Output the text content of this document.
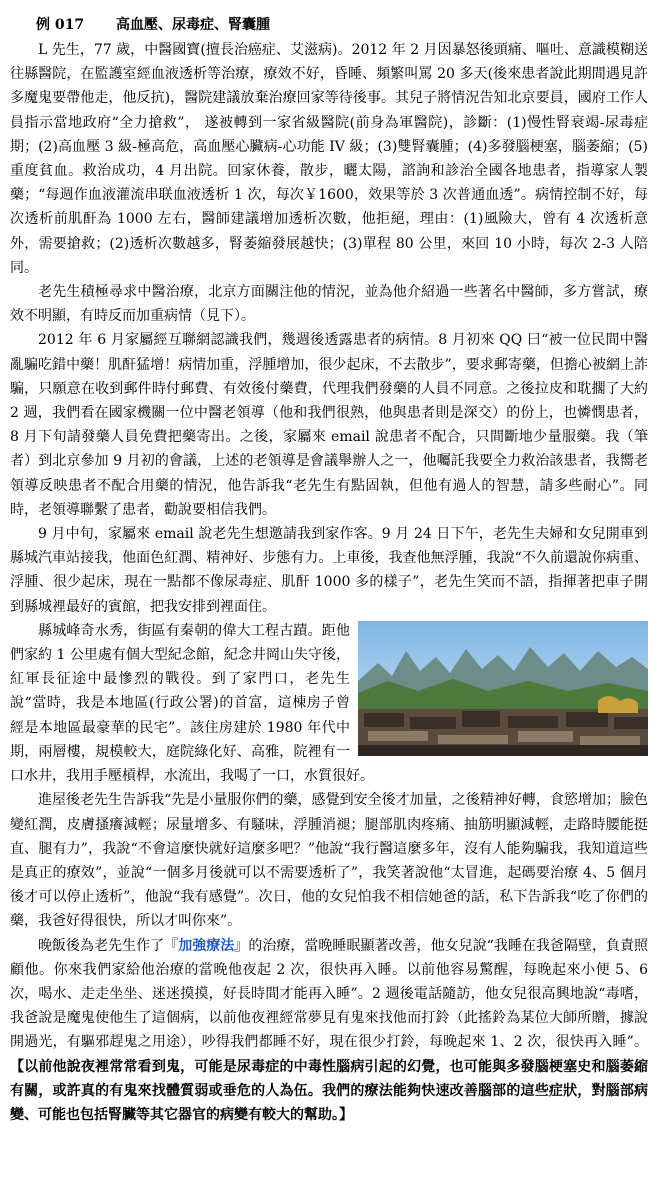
例 017 高血壓、尿毒症、腎囊腫

L 先生，77 歲，中醫國寶(擅長治癌症、艾滋病)。2012 年 2 月因暴怒後頭痛、嘔吐、意識模糊送往縣醫院，在監護室經血液透析等治療，療效不好，昏睡、頻繁叫罵 20 多天(後來患者說此期間遇見許多魔鬼要帶他走，他反抗)，醫院建議放棄治療回家等待後事。其兒子將情況告知北京要員，國府工作人員指示當地政府“全力搶救”， 遂被轉到一家省級醫院(前身為軍醫院)，診斷：(1)慢性腎衰竭-尿毒症期；(2)高血壓 3 級-極高危，高血壓心臟病-心功能 IV 級；(3)雙腎囊腫；(4)多發腦梗塞，腦萎縮；(5)重度貧血。救治成功，4 月出院。回家休養，散步，曬太陽，諮詢和診治全國各地患者，指導家人製藥；“每週作血液灌流串联血液透析 1 次，每次￥1600，效果等於 3 次普通血透”。病情控制不好，每次透析前肌酐為 1000 左右，醫師建議增加透析次數，他拒絕，理由：(1)風險大，曾有 4 次透析意外，需要搶救；(2)透析次數越多，腎萎縮發展越快；(3)單程 80 公里，來回 10 小時，每次 2-3 人陪同。

老先生積極尋求中醫治療，北京方面關注他的情況，並為他介紹過一些著名中醫師，多方嘗試，療效不明顯，有時反而加重病情（見下）。

2012 年 6 月家屬經互聯網認識我們，幾週後透露患者的病情。8 月初來 QQ 曰“被一位民間中醫亂騙吃錯中藥！肌酐猛增！病情加重，浮腫增加，很少起床，不去散步”，要求郵寄藥，但擔心被網上詐騙，只願意在收到郵件時付郵費、有效後付藥費，代理我們發藥的人員不同意。之後拉皮和耽擱了大約 2 週，我們看在國家機關一位中醫老領導（他和我們很熟，他與患者則是深交）的份上，也憐憫患者，8 月下旬請發藥人員免費把藥寄出。之後，家屬來 email 說患者不配合，只間斷地少量服藥。我（筆者）到北京參加 9 月初的會議，上述的老領導是會議舉辦人之一，他囑託我要全力救治該患者，我嚮老領導反映患者不配合用藥的情況，他告訴我“老先生有點固執，但他有過人的智慧，請多些耐心”。同時，老領導聯繫了患者，勸說要相信我們。

9 月中旬，家屬來 email 說老先生想邀請我到家作客。9 月 24 日下午，老先生夫婦和女兒開車到縣城汽車站接我，他面色紅潤、精神好、步態有力。上車後，我查他無浮腫，我說“不久前還說你病重、浮腫、很少起床，現在一點都不像尿毒症、肌酐 1000 多的樣子”，老先生笑而不語，指揮著把車子開到縣城裡最好的賓館，把我安排到裡面住。

縣城峰奇水秀，街區有秦朝的偉大工程古蹟。距他們家約 1 公里處有個大型紀念館，紀念井岡山失守後，紅軍長征途中最慘烈的戰役。到了家門口，老先生說“當時，我是本地區(行政公署)的首富，這棟房子曾經是本地區最豪華的民宅”。該住房建於 1980 年代中期，兩層樓，規模較大，庭院綠化好、高雅，院裡有一口水井，我用手壓槓桿，水流出，我喝了一口，水質很好。

進屋後老先生告訴我“先是小量服你們的藥，感覺到安全後才加量，之後精神好轉，食慾增加；臉色變紅潤，皮膚搔癢減輕；尿量增多、有騷味，浮腫消褪；腿部肌肉疼痛、抽筋明顯減輕，走路時腰能挺直、腿有力”，我說“不會這麼快就好這麼多吧？”他說“我行醫這麼多年，沒有人能夠騙我，我知道這些是真正的療效”，並說“一個多月後就可以不需要透析了”，我笑著說他“太冒進，起碼要治療 4、5 個月後才可以停止透析”，他說“我有感覺”。次日，他的女兒怕我不相信她爸的話，私下告訴我“吃了你們的藥，我爸好得很快，所以才叫你來”。

晚飯後為老先生作了『加強療法』的治療，當晚睡眠顯著改善，他女兒說“我睡在我爸隔壁，負責照顧他。你來我們家給他治療的當晚他夜起 2 次，很快再入睡。以前他容易驚醒，每晚起來小便 5、6 次，喝水、走走坐坐、迷迷摸摸，好長時間才能再入睡”。2 週後電話隨訪，他女兒很高興地說“毒嗜，我爸說是魔鬼使他生了這個病，以前他夜裡經常夢見有鬼來找他而打鈴（此搖鈴為某位大師所贈，據說開過光，有驅邪趕鬼之用途），吵得我們都睡不好，現在很少打鈴，每晚起來 1、2 次，很快再入睡”。【以前他說夜裡常常看到鬼，可能是尿毒症的中毒性腦病引起的幻覺，也可能與多發腦梗塞史和腦萎縮有關，或許真的有鬼來找體質弱或垂危的人為伍。我們的療法能夠快速改善腦部的這些症狀，對腦部病變、可能也包括腎臟等其它器官的病變有較大的幫助。】
